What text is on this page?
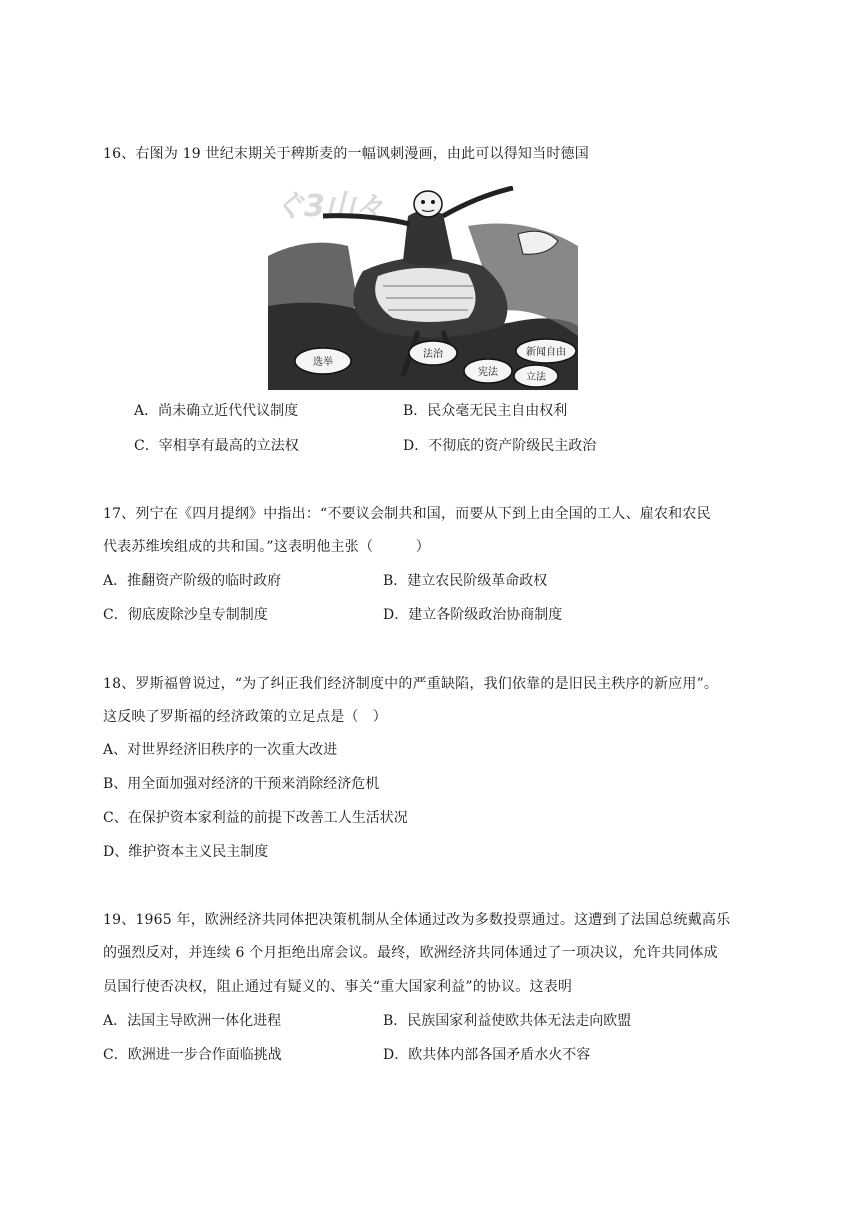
16、右图为 19 世纪末期关于稗斯麦的一幅讽刺漫画，由此可以得知当时德国
ぐ3山々
选举
法治
宪法
新闻自由
立法
A．尚未确立近代代议制度	B．民众毫无民主自由权利
C．宰相享有最高的立法权	D．不彻底的资产阶级民主政治
17、列宁在《四月提纲》中指出：“不要议会制共和国，而要从下到上由全国的工人、雇农和农民
代表苏维埃组成的共和国。”这表明他主张（　　　）
A．推翻资产阶级的临时政府	B．建立农民阶级革命政权
C．彻底废除沙皇专制制度	D．建立各阶级政治协商制度
18、罗斯福曾说过，“为了纠正我们经济制度中的严重缺陷，我们依靠的是旧民主秩序的新应用”。
这反映了罗斯福的经济政策的立足点是（　）
A、对世界经济旧秩序的一次重大改进
B、用全面加强对经济的干预来消除经济危机
C、在保护资本家利益的前提下改善工人生活状况
D、维护资本主义民主制度
19、1965 年，欧洲经济共同体把决策机制从全体通过改为多数投票通过。这遭到了法国总统戴高乐
的强烈反对，并连续 6 个月拒绝出席会议。最终，欧洲经济共同体通过了一项决议，允许共同体成
员国行使否决权，阻止通过有疑义的、事关“重大国家利益”的协议。这表明
A．法国主导欧洲一体化进程	B．民族国家利益使欧共体无法走向欧盟
C．欧洲进一步合作面临挑战	D．欧共体内部各国矛盾水火不容
